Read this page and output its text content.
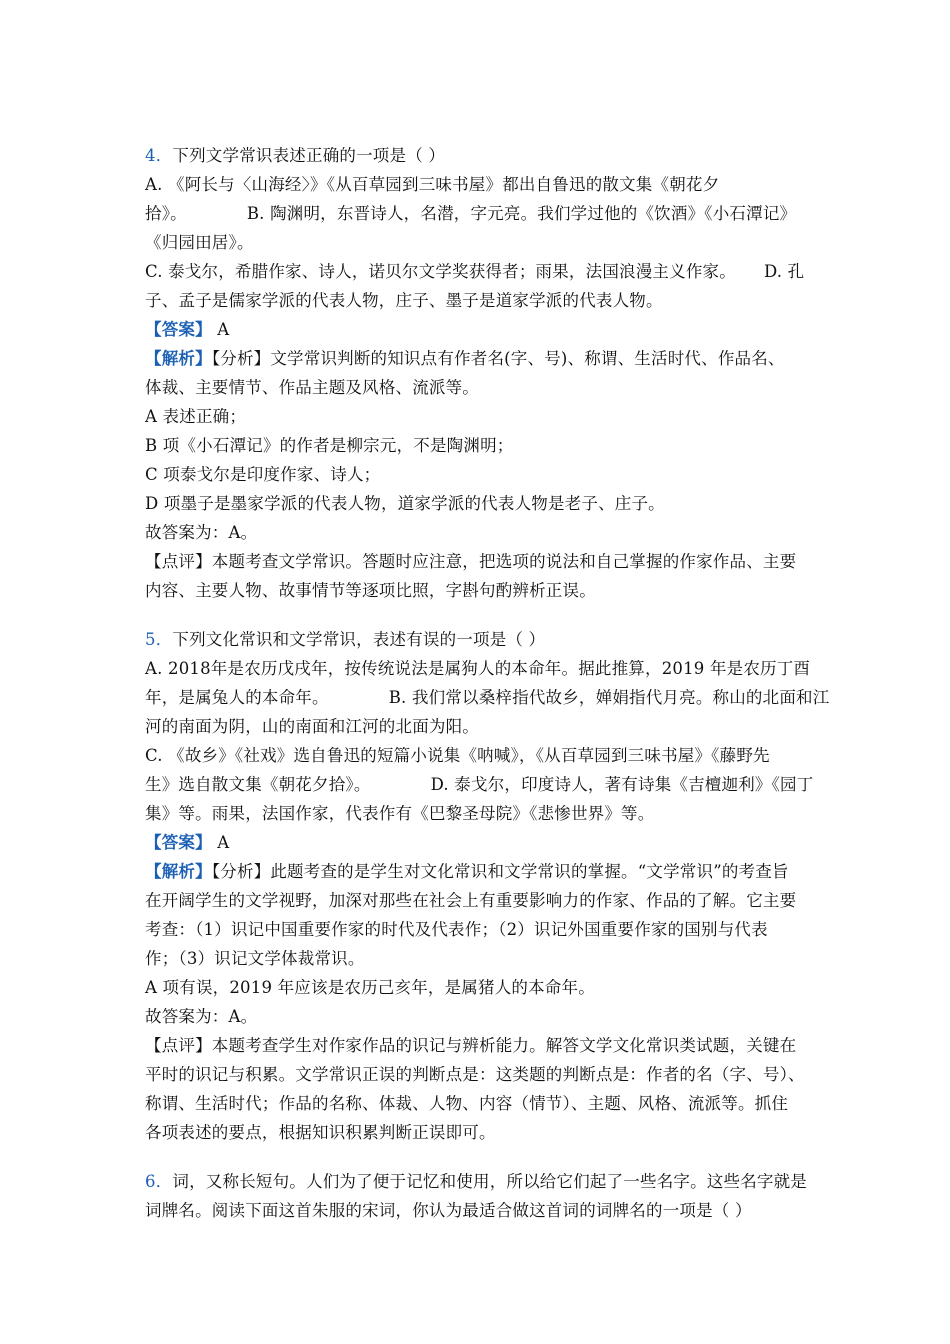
4．下列文学常识表述正确的一项是（ ）
A. 《阿长与〈山海经〉》《从百草园到三味书屋》都出自鲁迅的散文集《朝花夕
拾》。	B. 陶渊明，东晋诗人，名潜，字元亮。我们学过他的《饮酒》《小石潭记》
《归园田居》。
C. 泰戈尔，希腊作家、诗人，诺贝尔文学奖获得者；雨果，法国浪漫主义作家。 D. 孔
子、孟子是儒家学派的代表人物，庄子、墨子是道家学派的代表人物。
【答案】 A
【解析】【分析】文学常识判断的知识点有作者名(字、号)、称谓、生活时代、作品名、
体裁、主要情节、作品主题及风格、流派等。
A 表述正确；
B 项《小石潭记》的作者是柳宗元，不是陶渊明；
C 项泰戈尔是印度作家、诗人；
D 项墨子是墨家学派的代表人物，道家学派的代表人物是老子、庄子。
故答案为：A。
【点评】本题考查文学常识。答题时应注意，把选项的说法和自己掌握的作家作品、主要
内容、主要人物、故事情节等逐项比照，字斟句酌辨析正误。
5．下列文化常识和文学常识，表述有误的一项是（ ）
A. 2018年是农历戊戌年，按传统说法是属狗人的本命年。据此推算，2019 年是农历丁酉
年，是属兔人的本命年。	B. 我们常以桑梓指代故乡，婵娟指代月亮。称山的北面和江
河的南面为阴，山的南面和江河的北面为阳。
C. 《故乡》《社戏》选自鲁迅的短篇小说集《呐喊》，《从百草园到三味书屋》《藤野先
生》选自散文集《朝花夕拾》。	D. 泰戈尔，印度诗人，著有诗集《吉檀迦利》《园丁
集》等。雨果，法国作家，代表作有《巴黎圣母院》《悲惨世界》等。
【答案】 A
【解析】【分析】此题考查的是学生对文化常识和文学常识的掌握。“文学常识”的考查旨
在开阔学生的文学视野，加深对那些在社会上有重要影响力的作家、作品的了解。它主要
考查：（1）识记中国重要作家的时代及代表作；（2）识记外国重要作家的国别与代表
作；（3）识记文学体裁常识。
A 项有误，2019 年应该是农历己亥年，是属猪人的本命年。
故答案为：A。
【点评】本题考查学生对作家作品的识记与辨析能力。解答文学文化常识类试题，关键在
平时的识记与积累。文学常识正误的判断点是：这类题的判断点是：作者的名（字、号）、
称谓、生活时代；作品的名称、体裁、人物、内容（情节）、主题、风格、流派等。抓住
各项表述的要点，根据知识积累判断正误即可。
6．词，又称长短句。人们为了便于记忆和使用，所以给它们起了一些名字。这些名字就是
词牌名。阅读下面这首朱服的宋词，你认为最适合做这首词的词牌名的一项是（ ）
